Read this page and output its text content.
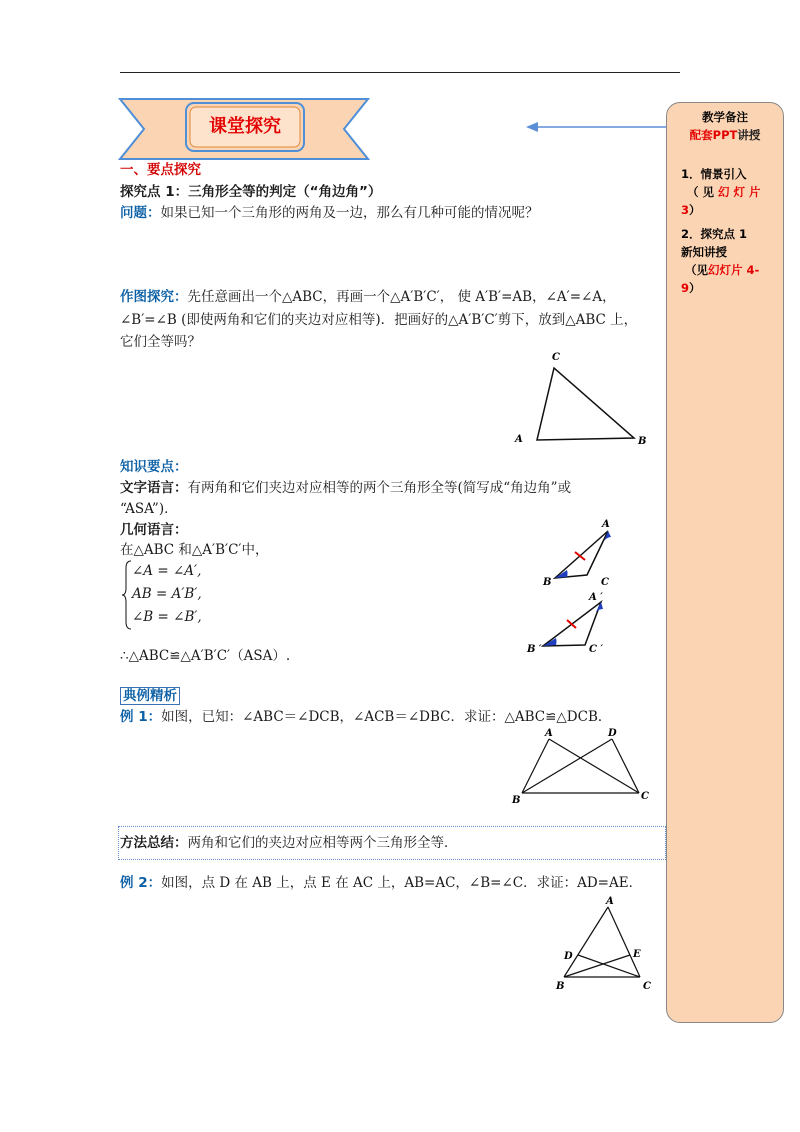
课堂探究	教学备注
配套PPT讲授
1．情景引入
（见幻灯片
3）
2．探究点 1
新知讲授
（见幻灯片 4-
9）
一、要点探究
探究点 1：三角形全等的判定（“角边角”）
问题：如果已知一个三角形的两角及一边，那么有几种可能的情况呢？
作图探究：先任意画出一个△ABC，再画一个△A′B′C′， 使 A′B′=AB，∠A′=∠A，
∠B′=∠B (即使两角和它们的夹边对应相等)．把画好的△A′B′C′剪下，放到△ABC 上，
它们全等吗？
C
A	B
知识要点：
文字语言：有两角和它们夹边对应相等的两个三角形全等(简写成“角边角”或
“ASA”)．
几何语言：
在△ABC 和△A′B′C′中，
∠A = ∠A′,
AB = A′B′,
∠B = ∠B′,
∴△ABC≌△A′B′C′（ASA）.
A
B	C
A ′
B ′	C ′
典例精析
例 1：如图，已知：∠ABC＝∠DCB，∠ACB＝∠DBC．求证：△ABC≌△DCB．
A	D
B	C
方法总结：两角和它们的夹边对应相等两个三角形全等．
例 2：如图，点 D 在 AB 上，点 E 在 AC 上，AB=AC，∠B=∠C．求证：AD=AE．
A
D	E
B	C
